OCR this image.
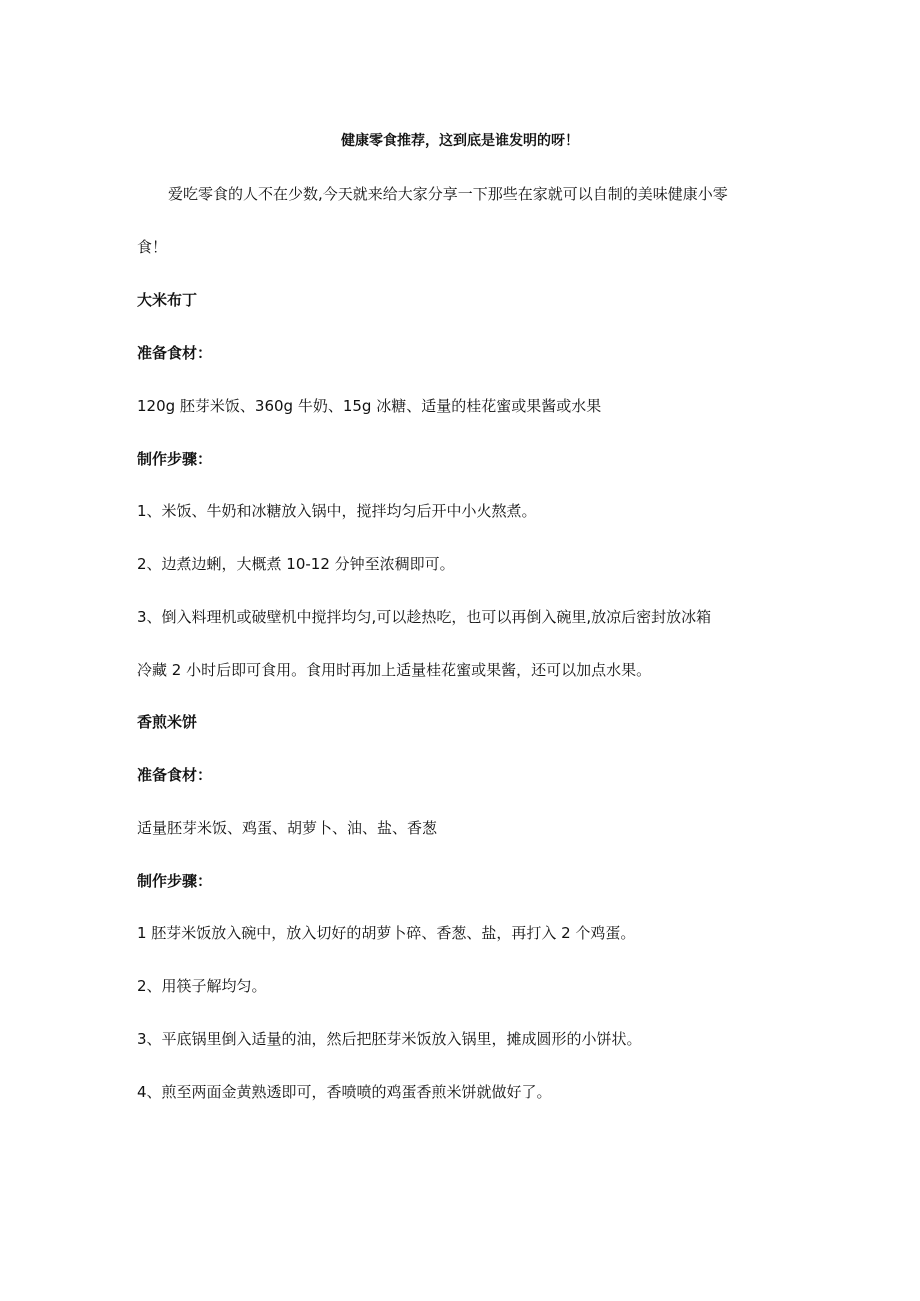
健康零食推荐，这到底是谁发明的呀！
爱吃零食的人不在少数,今天就来给大家分享一下那些在家就可以自制的美味健康小零
食！
大米布丁
准备食材：
120g 胚芽米饭、360g 牛奶、15g 冰糖、适量的桂花蜜或果酱或水果
制作步骤：
1、米饭、牛奶和冰糖放入锅中，搅拌均匀后开中小火熬煮。
2、边煮边蜊，大概煮 10-12 分钟至浓稠即可。
3、倒入料理机或破壁机中搅拌均匀,可以趁热吃，也可以再倒入碗里,放凉后密封放冰箱
冷藏 2 小时后即可食用。食用时再加上适量桂花蜜或果酱，还可以加点水果。
香煎米饼
准备食材：
适量胚芽米饭、鸡蛋、胡萝卜、油、盐、香葱
制作步骤：
1 胚芽米饭放入碗中，放入切好的胡萝卜碎、香葱、盐，再打入 2 个鸡蛋。
2、用筷子解均匀。
3、平底锅里倒入适量的油，然后把胚芽米饭放入锅里，摊成圆形的小饼状。
4、煎至两面金黄熟透即可，香喷喷的鸡蛋香煎米饼就做好了。
